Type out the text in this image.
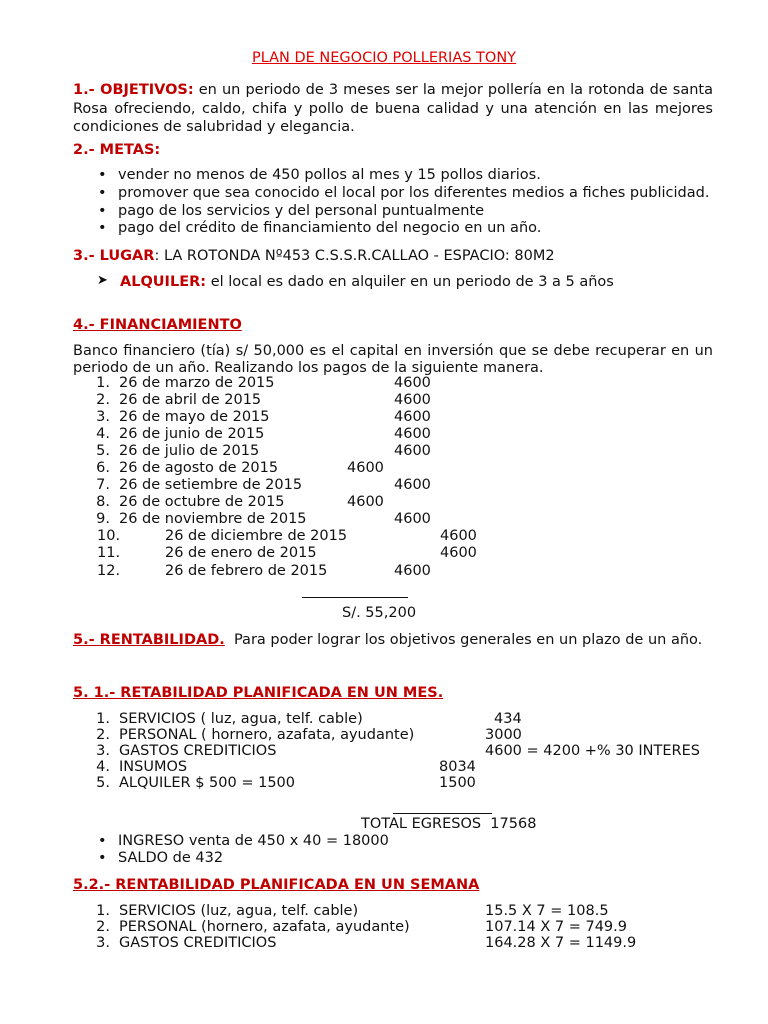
PLAN DE NEGOCIO POLLERIAS TONY
1.- OBJETIVOS: en un periodo de 3 meses ser la mejor pollería en la rotonda de santa
Rosa ofreciendo, caldo, chifa y pollo de buena calidad y una atención en las mejores
condiciones de salubridad y elegancia.
2.- METAS:
• vender no menos de 450 pollos al mes y 15 pollos diarios.
• promover que sea conocido el local por los diferentes medios a fiches publicidad.
• pago de los servicios y del personal puntualmente
• pago del crédito de financiamiento del negocio en un año.
3.- LUGAR: LA ROTONDA Nº453 C.S.S.R.CALLAO - ESPACIO: 80M2
➤ ALQUILER: el local es dado en alquiler en un periodo de 3 a 5 años
4.- FINANCIAMIENTO
Banco financiero (tía) s/ 50,000 es el capital en inversión que se debe recuperar en un
periodo de un año. Realizando los pagos de la siguiente manera.
1. 26 de marzo de 2015	4600
2. 26 de abril de 2015	4600
3. 26 de mayo de 2015	4600
4. 26 de junio de 2015	4600
5. 26 de julio de 2015	4600
6. 26 de agosto de 2015	4600
7. 26 de setiembre de 2015	4600
8. 26 de octubre de 2015	4600
9. 26 de noviembre de 2015	4600
10.	26 de diciembre de 2015	4600
11.	26 de enero de 2015	4600
12.	26 de febrero de 2015	4600
S/. 55,200
5.- RENTABILIDAD. Para poder lograr los objetivos generales en un plazo de un año.
5. 1.- RETABILIDAD PLANIFICADA EN UN MES.
1. SERVICIOS ( luz, agua, telf. cable)	434
2. PERSONAL ( hornero, azafata, ayudante)	3000
3. GASTOS CREDITICIOS	4600 = 4200 +% 30 INTERES
4. INSUMOS	8034
5. ALQUILER $ 500 = 1500	1500
TOTAL EGRESOS 17568
• INGRESO venta de 450 x 40 = 18000
• SALDO de 432
5.2.- RENTABILIDAD PLANIFICADA EN UN SEMANA
1. SERVICIOS (luz, agua, telf. cable)	15.5 X 7 = 108.5
2. PERSONAL (hornero, azafata, ayudante)	107.14 X 7 = 749.9
3. GASTOS CREDITICIOS	164.28 X 7 = 1149.9
